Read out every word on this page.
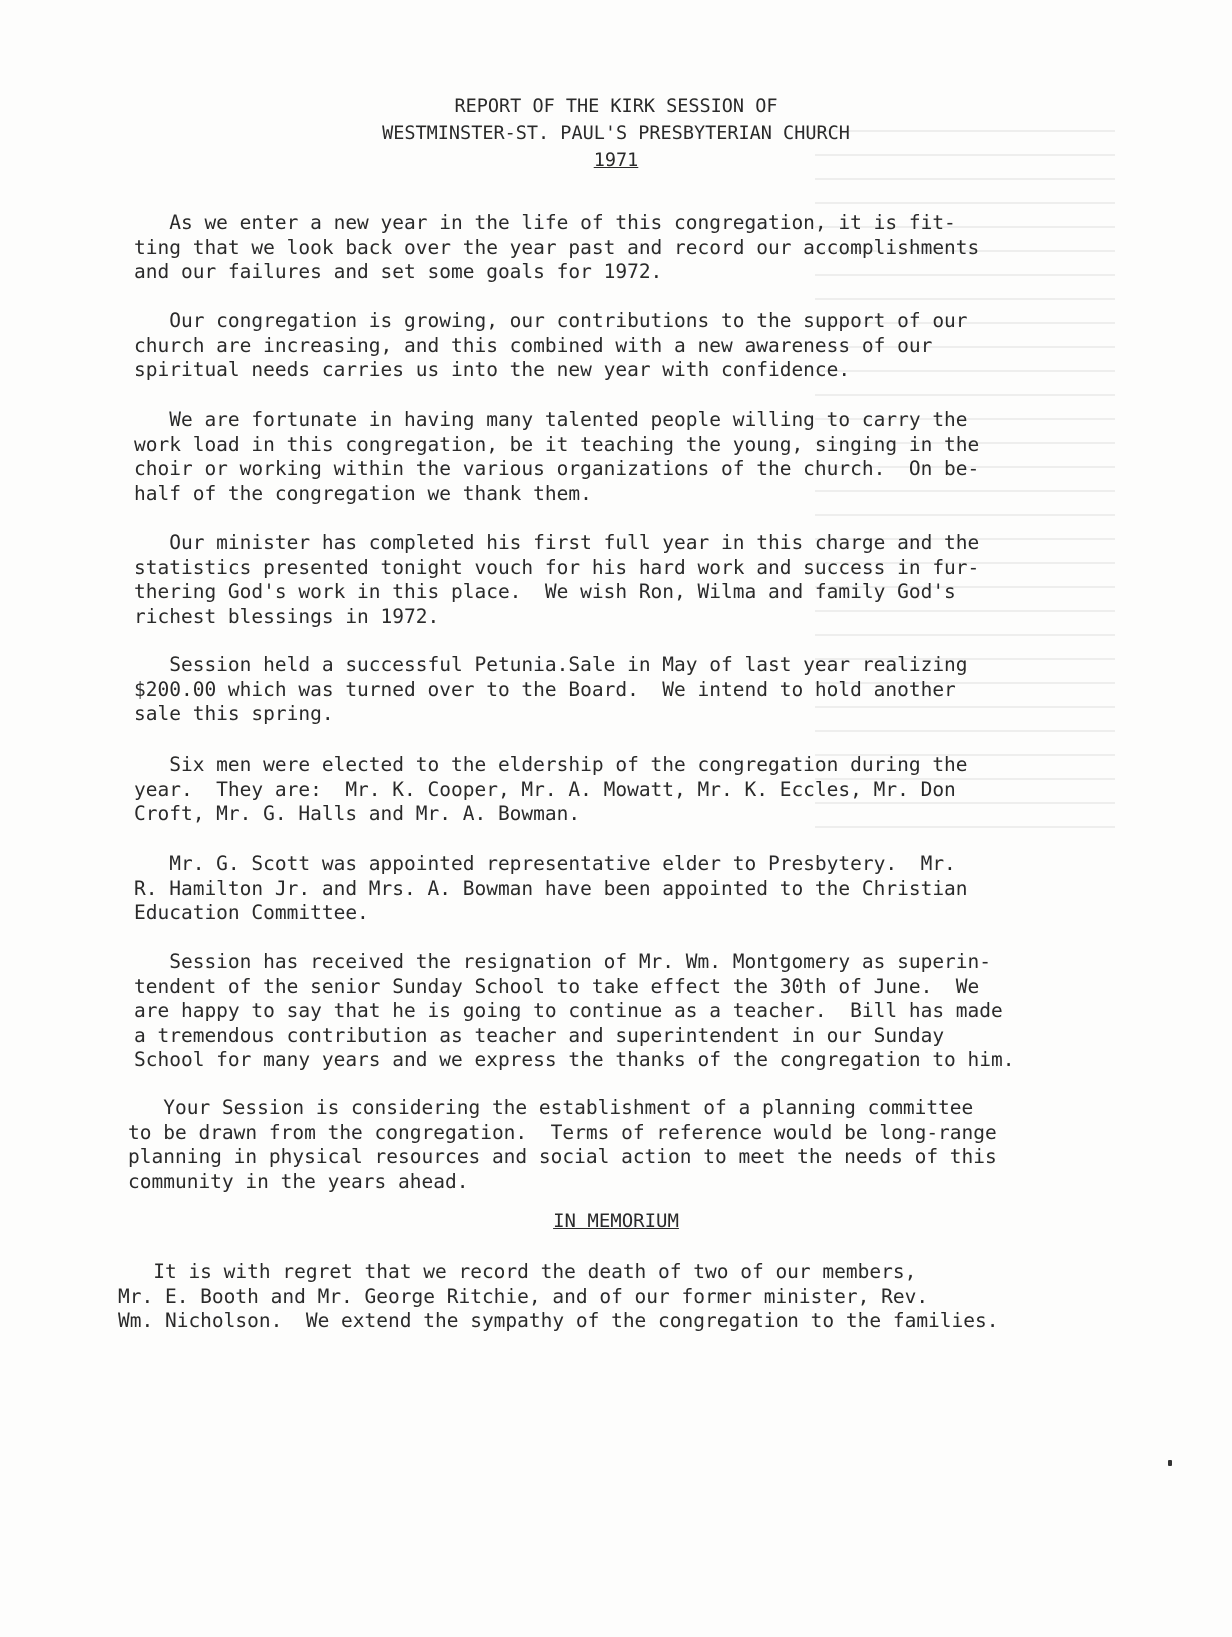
REPORT OF THE KIRK SESSION OF
WESTMINSTER-ST. PAUL'S PRESBYTERIAN CHURCH
1971

As we enter a new year in the life of this congregation, it is fit-
ting that we look back over the year past and record our accomplishments
and our failures and set some goals for 1972.

Our congregation is growing, our contributions to the support of our
church are increasing, and this combined with a new awareness of our
spiritual needs carries us into the new year with confidence.

We are fortunate in having many talented people willing to carry the
work load in this congregation, be it teaching the young, singing in the
choir or working within the various organizations of the church.  On be-
half of the congregation we thank them.

Our minister has completed his first full year in this charge and the
statistics presented tonight vouch for his hard work and success in fur-
thering God's work in this place.  We wish Ron, Wilma and family God's
richest blessings in 1972.

Session held a successful Petunia.Sale in May of last year realizing
$200.00 which was turned over to the Board.  We intend to hold another
sale this spring.

Six men were elected to the eldership of the congregation during the
year.  They are:  Mr. K. Cooper, Mr. A. Mowatt, Mr. K. Eccles, Mr. Don
Croft, Mr. G. Halls and Mr. A. Bowman.

Mr. G. Scott was appointed representative elder to Presbytery.  Mr.
R. Hamilton Jr. and Mrs. A. Bowman have been appointed to the Christian
Education Committee.

Session has received the resignation of Mr. Wm. Montgomery as superin-
tendent of the senior Sunday School to take effect the 30th of June.  We
are happy to say that he is going to continue as a teacher.  Bill has made
a tremendous contribution as teacher and superintendent in our Sunday
School for many years and we express the thanks of the congregation to him.

Your Session is considering the establishment of a planning committee
to be drawn from the congregation.  Terms of reference would be long-range
planning in physical resources and social action to meet the needs of this
community in the years ahead.

IN MEMORIUM

It is with regret that we record the death of two of our members,
Mr. E. Booth and Mr. George Ritchie, and of our former minister, Rev.
Wm. Nicholson.  We extend the sympathy of the congregation to the families.
